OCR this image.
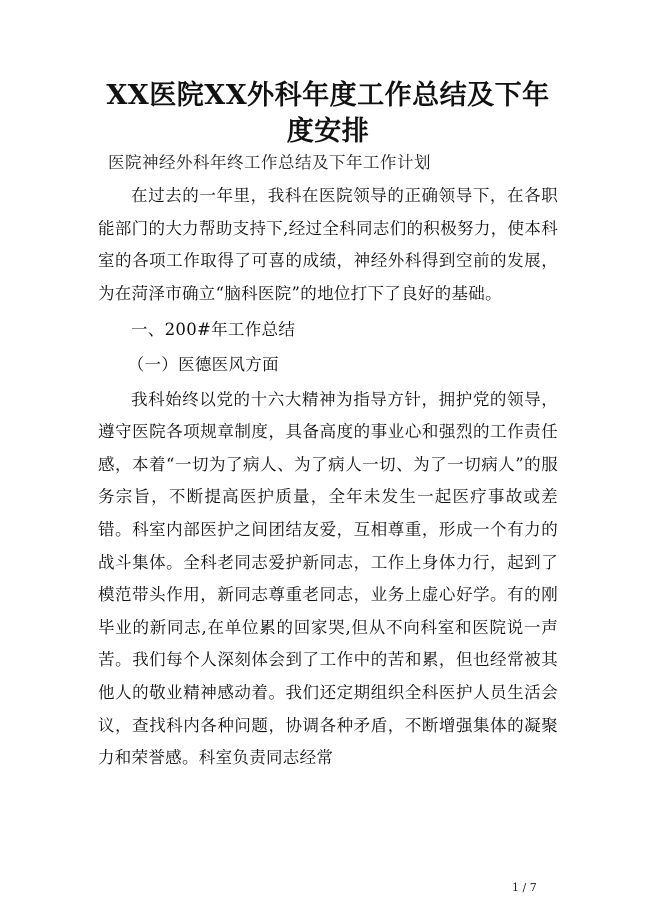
XX医院XX外科年度工作总结及下年度安排
医院神经外科年终工作总结及下年工作计划

在过去的一年里，我科在医院领导的正确领导下，在各职能部门的大力帮助支持下,经过全科同志们的积极努力，使本科室的各项工作取得了可喜的成绩，神经外科得到空前的发展，为在菏泽市确立“脑科医院”的地位打下了良好的基础。

一、200#年工作总结

（一）医德医风方面

我科始终以党的十六大精神为指导方针，拥护党的领导，遵守医院各项规章制度，具备高度的事业心和强烈的工作责任感，本着“一切为了病人、为了病人一切、为了一切病人”的服务宗旨，不断提高医护质量，全年未发生一起医疗事故或差错。科室内部医护之间团结友爱，互相尊重，形成一个有力的战斗集体。全科老同志爱护新同志，工作上身体力行，起到了模范带头作用，新同志尊重老同志，业务上虚心好学。有的刚毕业的新同志,在单位累的回家哭,但从不向科室和医院说一声苦。我们每个人深刻体会到了工作中的苦和累，但也经常被其他人的敬业精神感动着。我们还定期组织全科医护人员生活会议，查找科内各种问题，协调各种矛盾，不断增强集体的凝聚力和荣誉感。科室负责同志经常

1 / 7
